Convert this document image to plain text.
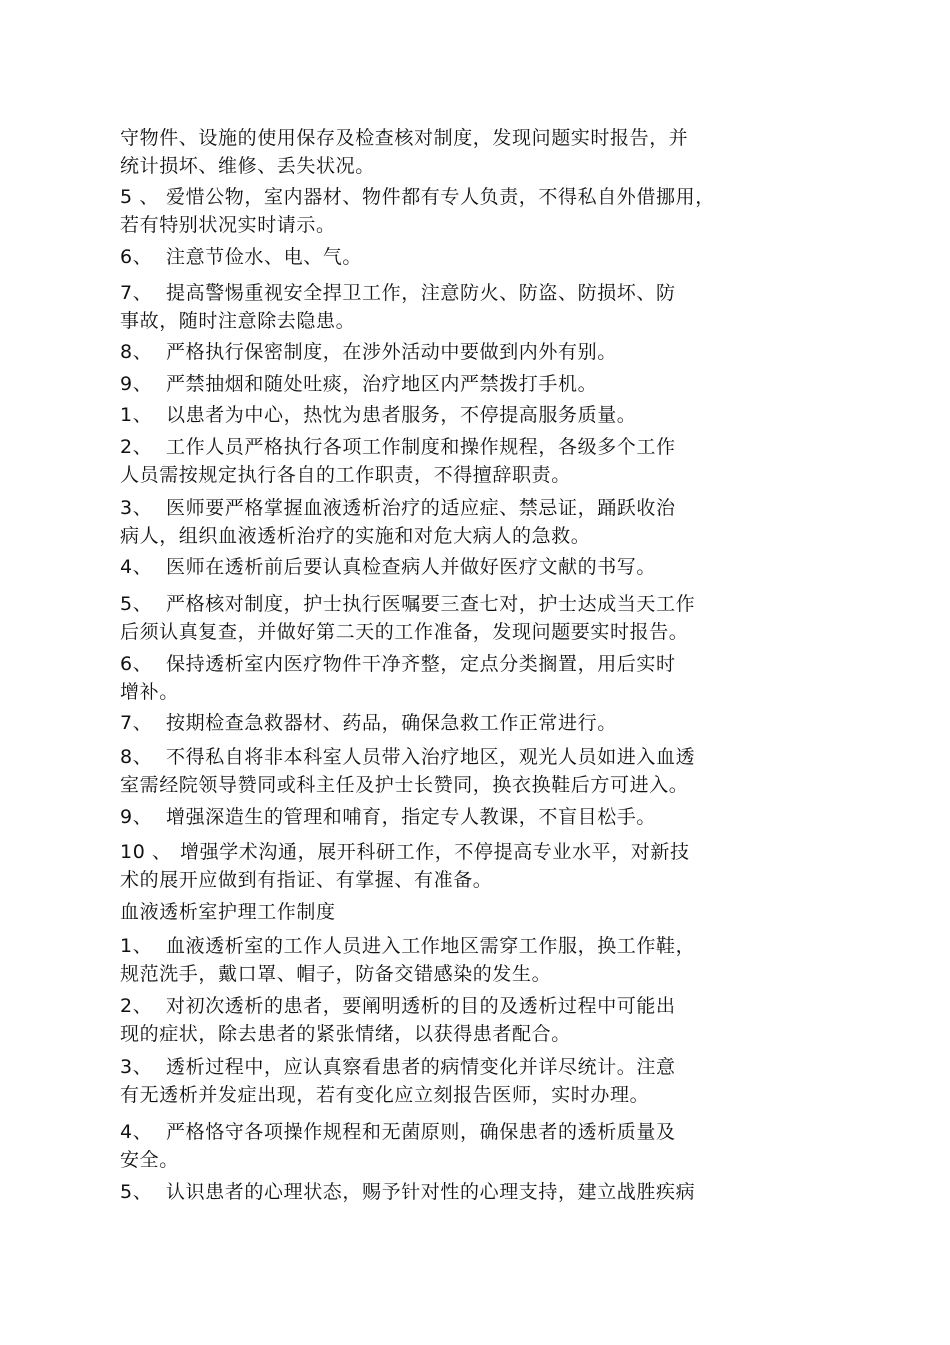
守物件、设施的使用保存及检查核对制度，发现问题实时报告，并
统计损坏、维修、丢失状况。
5 、 爱惜公物，室内器材、物件都有专人负责，不得私自外借挪用，
若有特别状况实时请示。
6、 注意节俭水、电、气。
7、 提高警惕重视安全捍卫工作，注意防火、防盗、防损坏、防
事故，随时注意除去隐患。
8、 严格执行保密制度，在涉外活动中要做到内外有别。
9、 严禁抽烟和随处吐痰，治疗地区内严禁拨打手机。
1、 以患者为中心，热忱为患者服务，不停提高服务质量。
2、 工作人员严格执行各项工作制度和操作规程，各级多个工作
人员需按规定执行各自的工作职责，不得擅辞职责。
3、 医师要严格掌握血液透析治疗的适应症、禁忌证，踊跃收治
病人，组织血液透析治疗的实施和对危大病人的急救。
4、 医师在透析前后要认真检查病人并做好医疗文献的书写。
5、 严格核对制度，护士执行医嘱要三查七对，护士达成当天工作
后须认真复查，并做好第二天的工作准备，发现问题要实时报告。
6、 保持透析室内医疗物件干净齐整，定点分类搁置，用后实时
增补。
7、 按期检查急救器材、药品，确保急救工作正常进行。
8、 不得私自将非本科室人员带入治疗地区，观光人员如进入血透
室需经院领导赞同或科主任及护士长赞同，换衣换鞋后方可进入。
9、 增强深造生的管理和哺育，指定专人教课，不盲目松手。
10 、 增强学术沟通，展开科研工作，不停提高专业水平，对新技
术的展开应做到有指证、有掌握、有准备。
血液透析室护理工作制度
1、 血液透析室的工作人员进入工作地区需穿工作服，换工作鞋，
规范洗手，戴口罩、帽子，防备交错感染的发生。
2、 对初次透析的患者，要阐明透析的目的及透析过程中可能出
现的症状，除去患者的紧张情绪，以获得患者配合。
3、 透析过程中，应认真察看患者的病情变化并详尽统计。注意
有无透析并发症出现，若有变化应立刻报告医师，实时办理。
4、 严格恪守各项操作规程和无菌原则，确保患者的透析质量及
安全。
5、 认识患者的心理状态，赐予针对性的心理支持，建立战胜疾病
